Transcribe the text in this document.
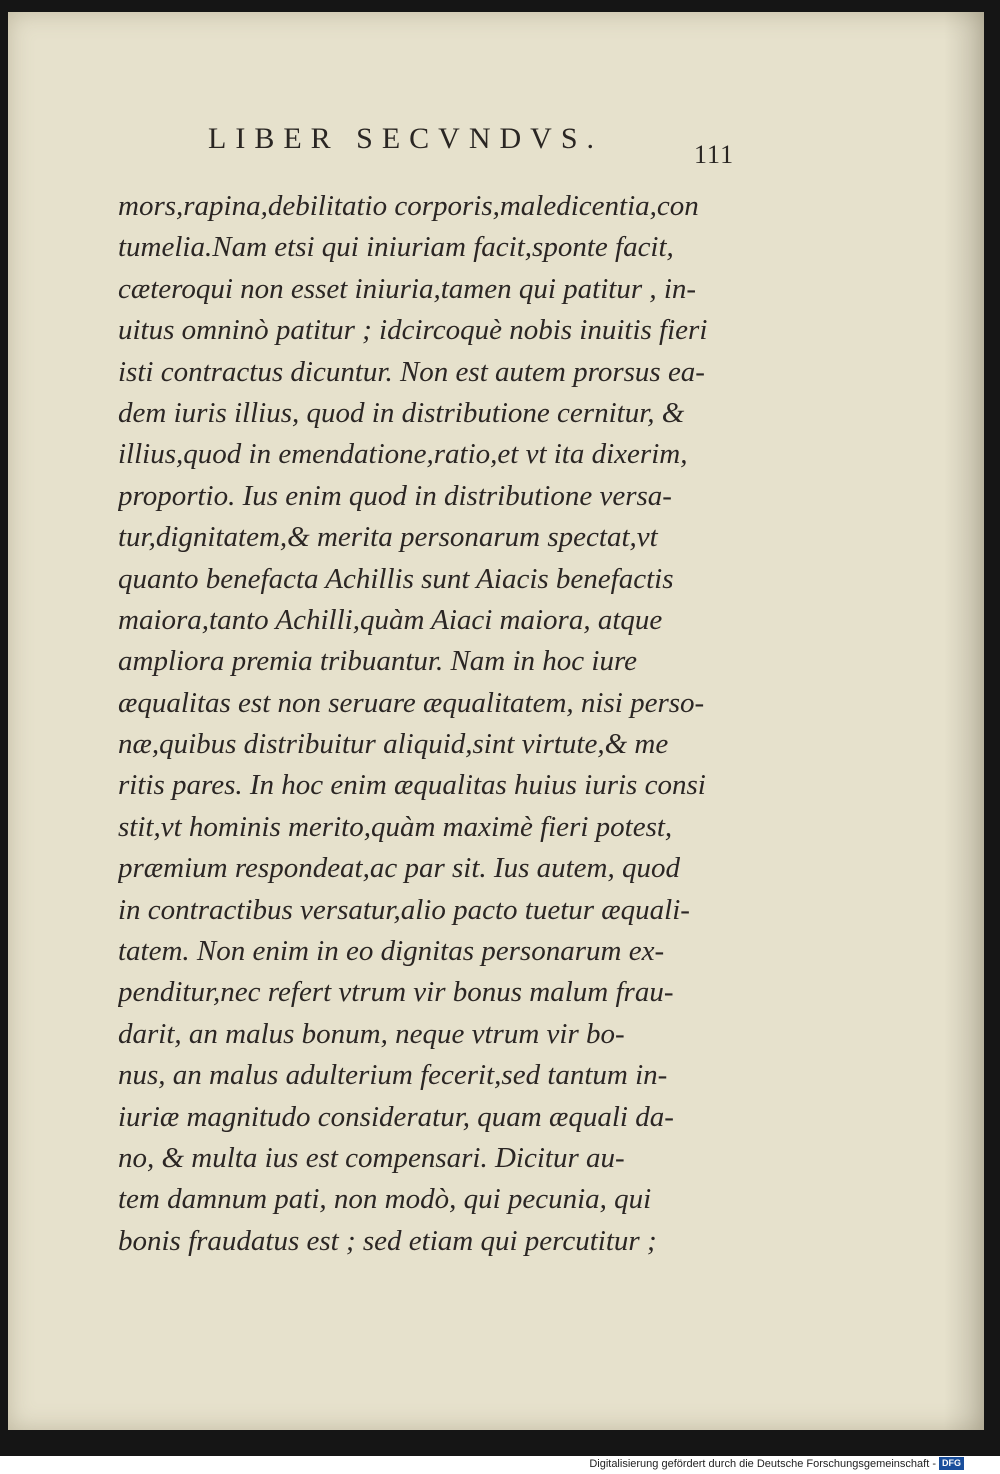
LIBER SECVNDVS.	111
mors,rapina,debilitatio corporis,maledicentia,con
tumelia.Nam etsi qui iniuriam facit,sponte facit,
cæteroqui non esset iniuria,tamen qui patitur , in-
uitus omninò patitur ; idcircoquè nobis inuitis fieri
isti contractus dicuntur. Non est autem prorsus ea-
dem iuris illius, quod in distributione cernitur, &
illius,quod in emendatione,ratio,et vt ita dixerim,
proportio. Ius enim quod in distributione versa-
tur,dignitatem,& merita personarum spectat,vt
quanto benefacta Achillis sunt Aiacis benefactis
maiora,tanto Achilli,quàm Aiaci maiora, atque
ampliora premia tribuantur. Nam in hoc iure
æqualitas est non seruare æqualitatem, nisi perso-
næ,quibus distribuitur aliquid,sint virtute,& me
ritis pares. In hoc enim æqualitas huius iuris consi
stit,vt hominis merito,quàm maximè fieri potest,
præmium respondeat,ac par sit. Ius autem, quod
in contractibus versatur,alio pacto tuetur æquali-
tatem. Non enim in eo dignitas personarum ex-
penditur,nec refert vtrum vir bonus malum frau-
darit, an malus bonum, neque vtrum vir bo-
nus, an malus adulterium fecerit,sed tantum in-
iuriæ magnitudo consideratur, quam æquali da-
no, & multa ius est compensari. Dicitur au-
tem damnum pati, non modò, qui pecunia, qui
bonis fraudatus est ; sed etiam qui percutitur ;
Digitalisierung gefördert durch die Deutsche Forschungsgemeinschaft - DFG
